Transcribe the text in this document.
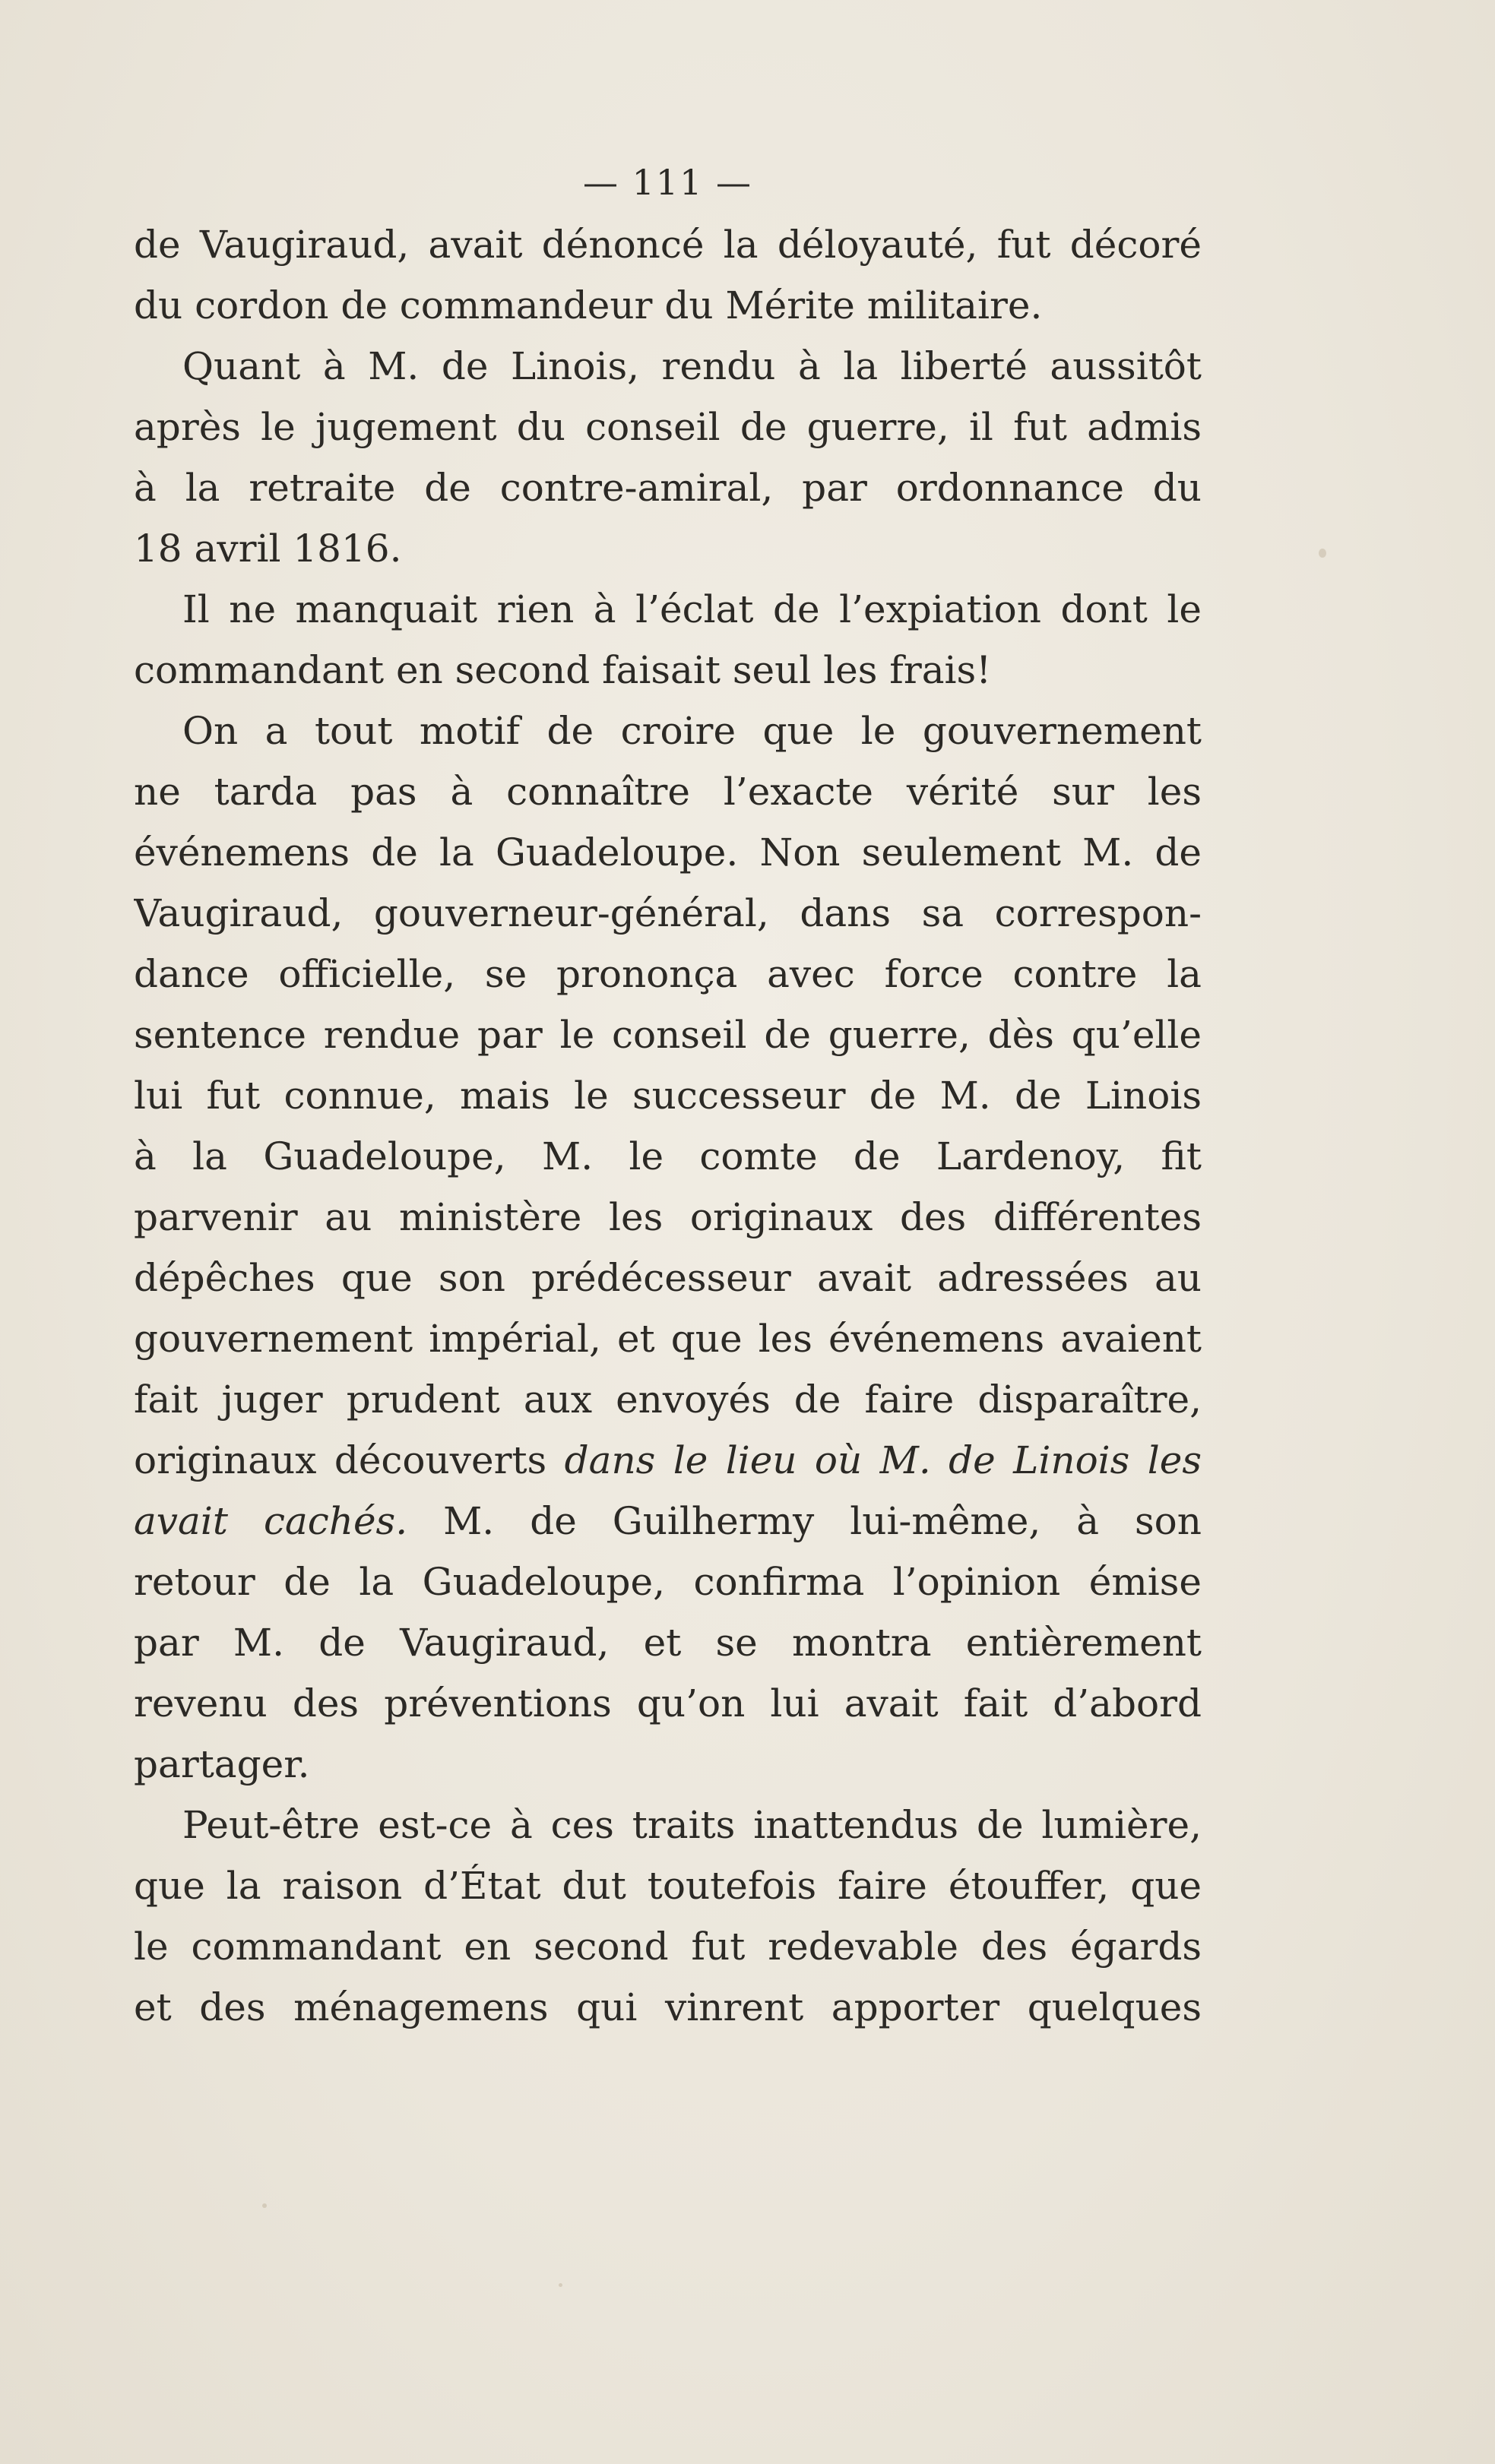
— 111 —
de Vaugiraud, avait dénoncé la déloyauté, fut décoré
du cordon de commandeur du Mérite militaire.
Quant à M. de Linois, rendu à la liberté aussitôt
après le jugement du conseil de guerre, il fut admis
à la retraite de contre-amiral, par ordonnance du
18 avril 1816.
Il ne manquait rien à l’éclat de l’expiation dont le
commandant en second faisait seul les frais!
On a tout motif de croire que le gouvernement
ne tarda pas à connaître l’exacte vérité sur les
événemens de la Guadeloupe. Non seulement M. de
Vaugiraud, gouverneur-général, dans sa correspon-
dance officielle, se prononça avec force contre la
sentence rendue par le conseil de guerre, dès qu’elle
lui fut connue, mais le successeur de M. de Linois
à la Guadeloupe, M. le comte de Lardenoy, fit
parvenir au ministère les originaux des différentes
dépêches que son prédécesseur avait adressées au
gouvernement impérial, et que les événemens avaient
fait juger prudent aux envoyés de faire disparaître,
originaux découverts dans le lieu où M. de Linois les
avait cachés. M. de Guilhermy lui-même, à son
retour de la Guadeloupe, confirma l’opinion émise
par M. de Vaugiraud, et se montra entièrement
revenu des préventions qu’on lui avait fait d’abord
partager.
Peut-être est-ce à ces traits inattendus de lumière,
que la raison d’État dut toutefois faire étouffer, que
le commandant en second fut redevable des égards
et des ménagemens qui vinrent apporter quelques
